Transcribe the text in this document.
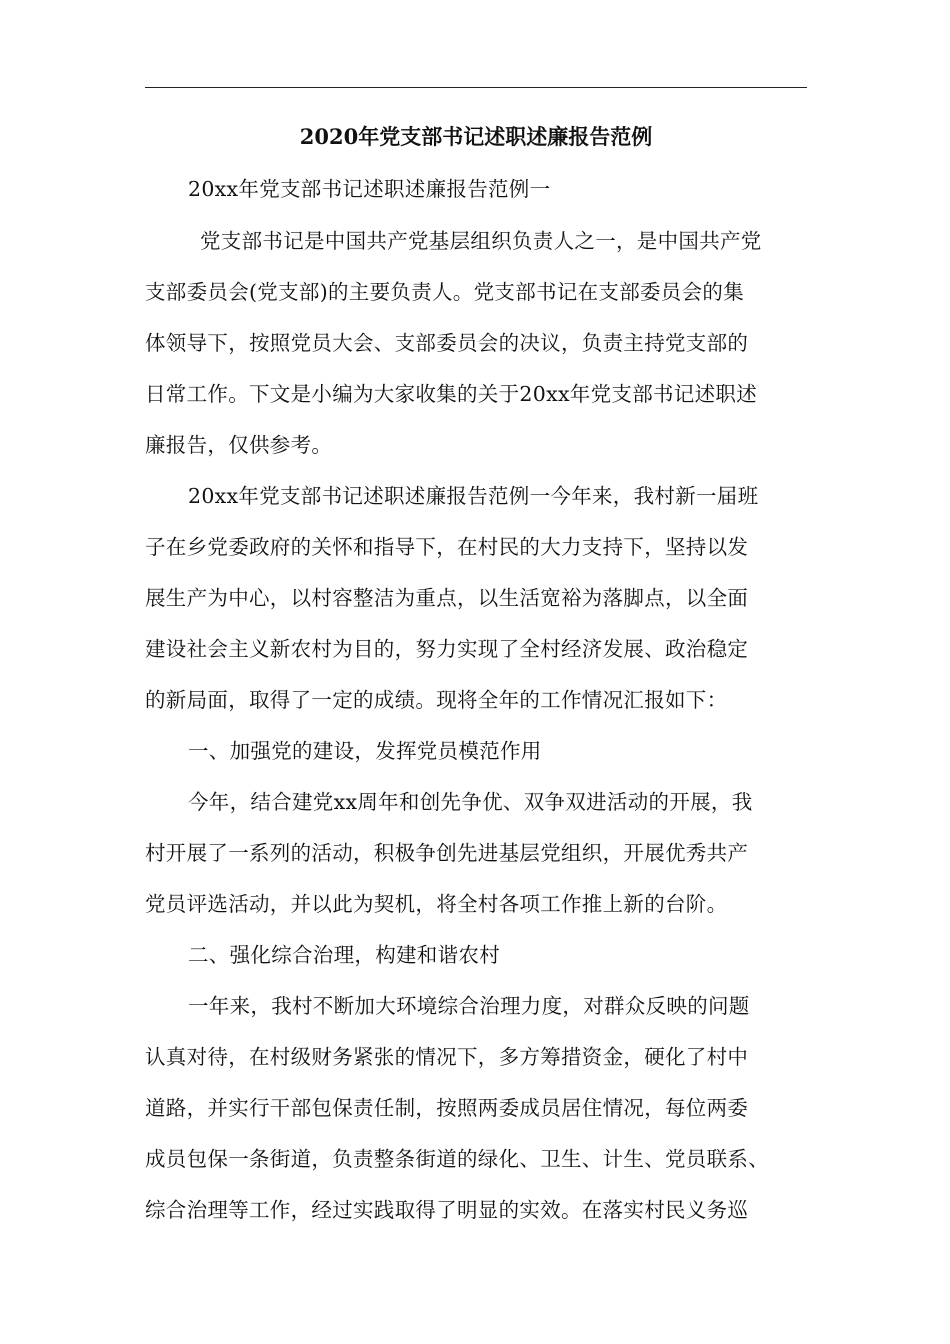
2020年党支部书记述职述廉报告范例
20xx年党支部书记述职述廉报告范例一
党支部书记是中国共产党基层组织负责人之一，是中国共产党
支部委员会(党支部)的主要负责人。党支部书记在支部委员会的集
体领导下，按照党员大会、支部委员会的决议，负责主持党支部的
日常工作。下文是小编为大家收集的关于20xx年党支部书记述职述
廉报告，仅供参考。
20xx年党支部书记述职述廉报告范例一今年来，我村新一届班
子在乡党委政府的关怀和指导下，在村民的大力支持下，坚持以发
展生产为中心，以村容整洁为重点，以生活宽裕为落脚点，以全面
建设社会主义新农村为目的，努力实现了全村经济发展、政治稳定
的新局面，取得了一定的成绩。现将全年的工作情况汇报如下：
一、加强党的建设，发挥党员模范作用
今年，结合建党xx周年和创先争优、双争双进活动的开展，我
村开展了一系列的活动，积极争创先进基层党组织，开展优秀共产
党员评选活动，并以此为契机，将全村各项工作推上新的台阶。
二、强化综合治理，构建和谐农村
一年来，我村不断加大环境综合治理力度，对群众反映的问题
认真对待，在村级财务紧张的情况下，多方筹措资金，硬化了村中
道路，并实行干部包保责任制，按照两委成员居住情况，每位两委
成员包保一条街道，负责整条街道的绿化、卫生、计生、党员联系、
综合治理等工作，经过实践取得了明显的实效。在落实村民义务巡
